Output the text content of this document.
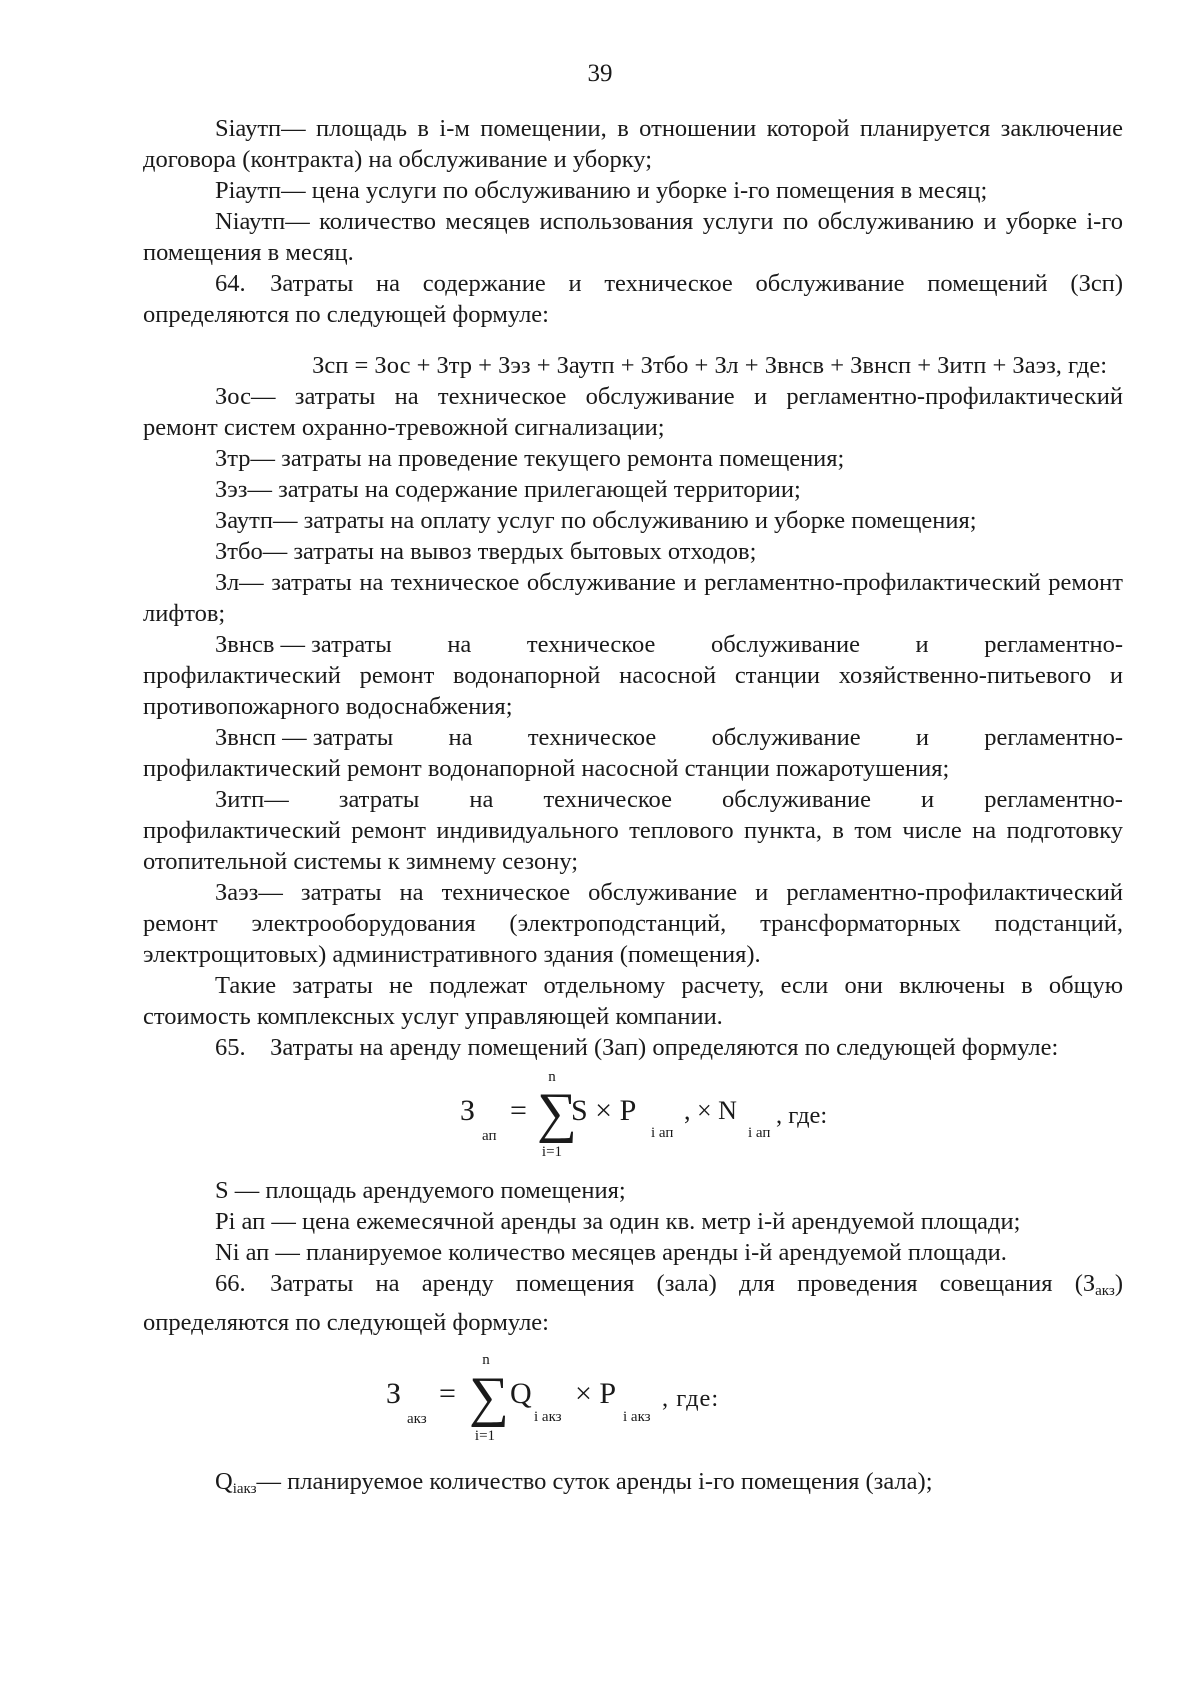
39

Siаутп— площадь в i-м помещении, в отношении которой планируется заключение договора (контракта) на обслуживание и уборку;

Piаутп— цена услуги по обслуживанию и уборке i-го помещения в месяц;

Niаутп— количество месяцев использования услуги по обслуживанию и уборке i-го помещения в месяц.

64. Затраты на содержание и техническое обслуживание помещений (Зсп) определяются по следующей формуле:

Зсп = Зос + Зтр + Зэз + Заутп + Зтбо + Зл + Звнсв + Звнсп + Зитп + Заэз, где:

Зос— затраты на техническое обслуживание и регламентно-профилактический ремонт систем охранно-тревожной сигнализации;

Зтр— затраты на проведение текущего ремонта помещения;

Зэз— затраты на содержание прилегающей территории;

Заутп— затраты на оплату услуг по обслуживанию и уборке помещения;

Зтбо— затраты на вывоз твердых бытовых отходов;

Зл— затраты на техническое обслуживание и регламентно-профилактический ремонт лифтов;

Звнсв — затраты на техническое обслуживание и регламентно-

профилактический ремонт водонапорной насосной станции хозяйственно-питьевого и противопожарного водоснабжения;

Звнсп — затраты на техническое обслуживание и регламентно-

профилактический ремонт водонапорной насосной станции пожаротушения;

Зитп— затраты на техническое обслуживание и регламентно-

профилактический ремонт индивидуального теплового пункта, в том числе на подготовку отопительной системы к зимнему сезону;

Заэз— затраты на техническое обслуживание и регламентно-профилактический ремонт электрооборудования (электроподстанций, трансформаторных подстанций, электрощитовых) административного здания (помещения).

Такие затраты не подлежат отдельному расчету, если они включены в общую стоимость комплексных услуг управляющей компании.

65. Затраты на аренду помещений (Зап) определяются по следующей формуле:

З
ап
=
n
∑
i=1
S × P
i ап
, × N
i ап
, где:

S — площадь арендуемого помещения;

Pi ап — цена ежемесячной аренды за один кв. метр i-й арендуемой площади;

Ni ап — планируемое количество месяцев аренды i-й арендуемой площади.

66. Затраты на аренду помещения (зала) для проведения совещания $(З_{акз})$ определяются по следующей формуле:

З
акз
=
n
∑
i=1
Q
i акз
× P
i акз
, где:

$Q_{iакз}—$ планируемое количество суток аренды i-го помещения (зала);
